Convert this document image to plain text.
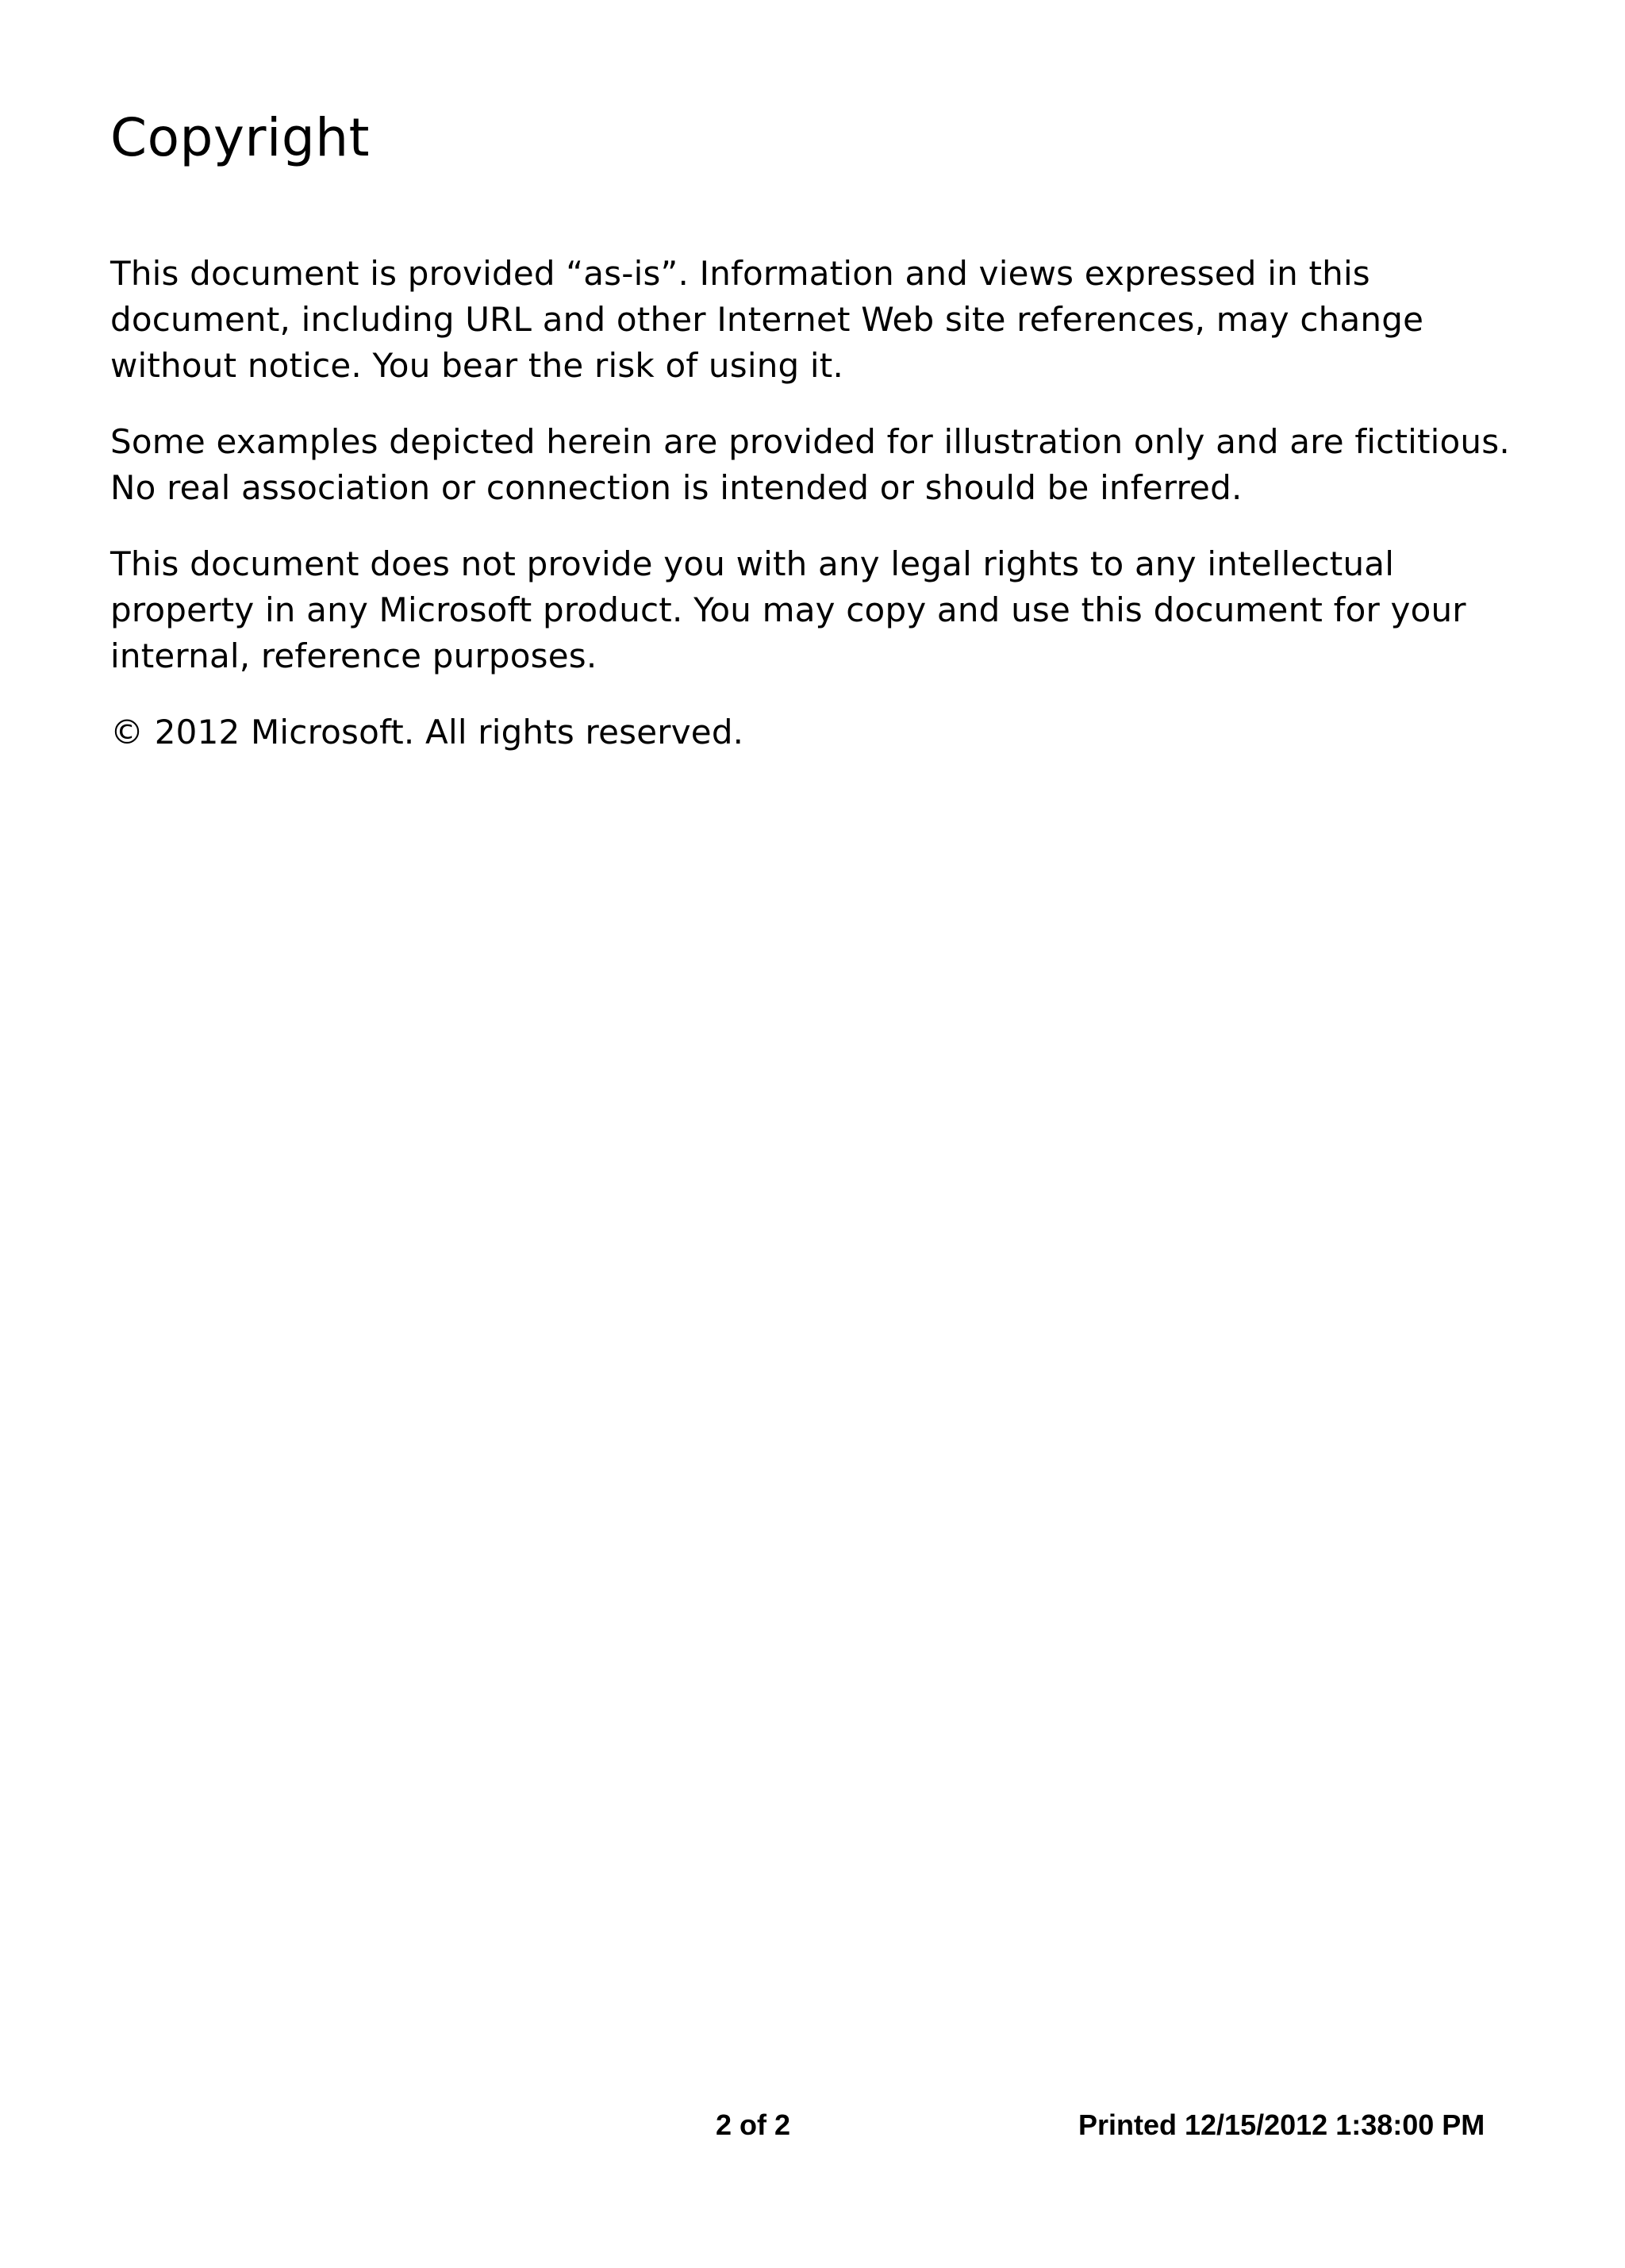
Copyright

This document is provided “as-is”. Information and views expressed in this document, including URL and other Internet Web site references, may change without notice. You bear the risk of using it.

Some examples depicted herein are provided for illustration only and are fictitious. No real association or connection is intended or should be inferred.

This document does not provide you with any legal rights to any intellectual property in any Microsoft product. You may copy and use this document for your internal, reference purposes.

© 2012 Microsoft. All rights reserved.

2 of 2	Printed 12/15/2012 1:38:00 PM
